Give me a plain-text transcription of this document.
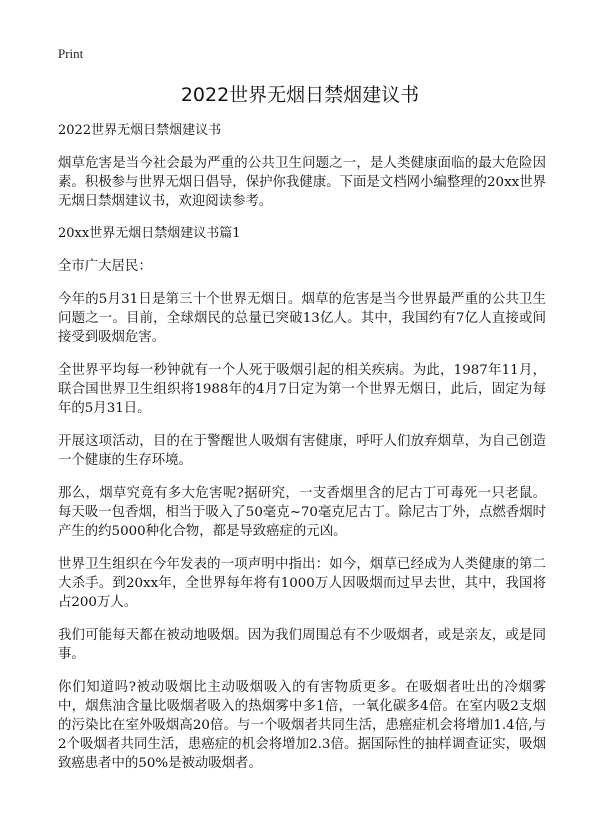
Print
2022世界无烟日禁烟建议书
2022世界无烟日禁烟建议书

烟草危害是当今社会最为严重的公共卫生问题之一，是人类健康面临的最大危险因素。积极参与世界无烟日倡导，保护你我健康。下面是文档网小编整理的20xx世界无烟日禁烟建议书，欢迎阅读参考。

20xx世界无烟日禁烟建议书篇1

全市广大居民：

今年的5月31日是第三十个世界无烟日。烟草的危害是当今世界最严重的公共卫生问题之一。目前，全球烟民的总量已突破13亿人。其中，我国约有7亿人直接或间接受到吸烟危害。

全世界平均每一秒钟就有一个人死于吸烟引起的相关疾病。为此，1987年11月，联合国世界卫生组织将1988年的4月7日定为第一个世界无烟日，此后，固定为每年的5月31日。

开展这项活动，目的在于警醒世人吸烟有害健康，呼吁人们放弃烟草，为自己创造一个健康的生存环境。

那么，烟草究竟有多大危害呢?据研究，一支香烟里含的尼古丁可毒死一只老鼠。每天吸一包香烟，相当于吸入了50毫克~70毫克尼古丁。除尼古丁外，点燃香烟时产生的约5000种化合物，都是导致癌症的元凶。

世界卫生组织在今年发表的一项声明中指出：如今，烟草已经成为人类健康的第二大杀手。到20xx年，全世界每年将有1000万人因吸烟而过早去世，其中，我国将占200万人。

我们可能每天都在被动地吸烟。因为我们周围总有不少吸烟者，或是亲友，或是同事。

你们知道吗?被动吸烟比主动吸烟吸入的有害物质更多。在吸烟者吐出的冷烟雾中，烟焦油含量比吸烟者吸入的热烟雾中多1倍，一氧化碳多4倍。在室内吸2支烟的污染比在室外吸烟高20倍。与一个吸烟者共同生活，患癌症机会将增加1.4倍,与2个吸烟者共同生活，患癌症的机会将增加2.3倍。据国际性的抽样调查证实，吸烟致癌患者中的50%是被动吸烟者。
